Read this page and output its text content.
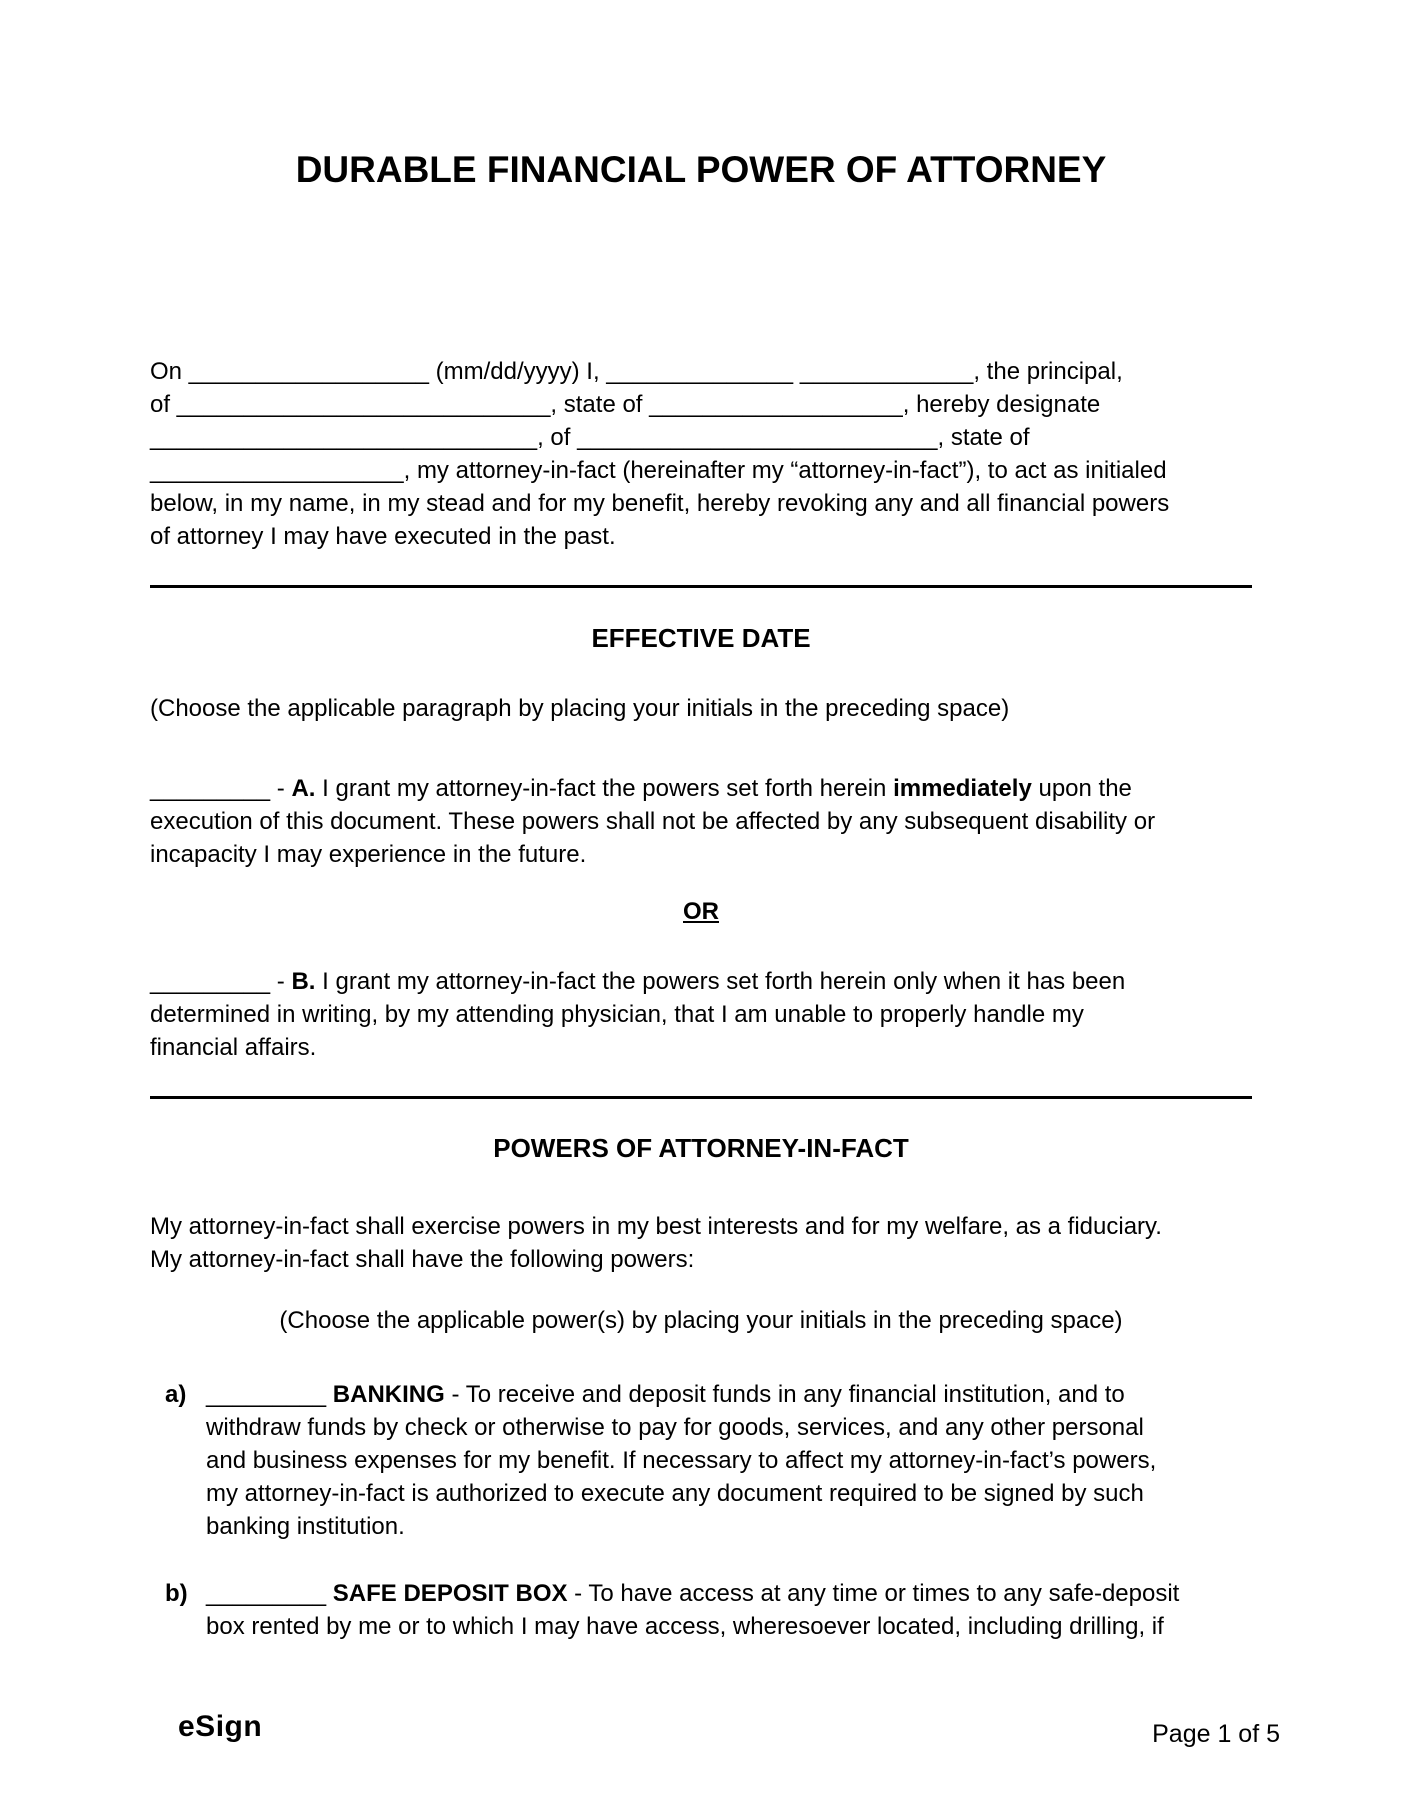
DURABLE FINANCIAL POWER OF ATTORNEY
On __________________ (mm/dd/yyyy) I, ______________ _____________, the principal,
of ____________________________, state of ___________________, hereby designate
_____________________________, of ___________________________, state of
___________________, my attorney-in-fact (hereinafter my “attorney-in-fact”), to act as initialed
below, in my name, in my stead and for my benefit, hereby revoking any and all financial powers
of attorney I may have executed in the past.
EFFECTIVE DATE
(Choose the applicable paragraph by placing your initials in the preceding space)
_________ - A. I grant my attorney-in-fact the powers set forth herein immediately upon the
execution of this document. These powers shall not be affected by any subsequent disability or
incapacity I may experience in the future.
OR
_________ - B. I grant my attorney-in-fact the powers set forth herein only when it has been
determined in writing, by my attending physician, that I am unable to properly handle my
financial affairs.
POWERS OF ATTORNEY-IN-FACT
My attorney-in-fact shall exercise powers in my best interests and for my welfare, as a fiduciary.
My attorney-in-fact shall have the following powers:
(Choose the applicable power(s) by placing your initials in the preceding space)
a) _________ BANKING - To receive and deposit funds in any financial institution, and to
withdraw funds by check or otherwise to pay for goods, services, and any other personal
and business expenses for my benefit. If necessary to affect my attorney-in-fact’s powers,
my attorney-in-fact is authorized to execute any document required to be signed by such
banking institution.
b) _________ SAFE DEPOSIT BOX - To have access at any time or times to any safe-deposit
box rented by me or to which I may have access, wheresoever located, including drilling, if
eSign	Page 1 of 5
